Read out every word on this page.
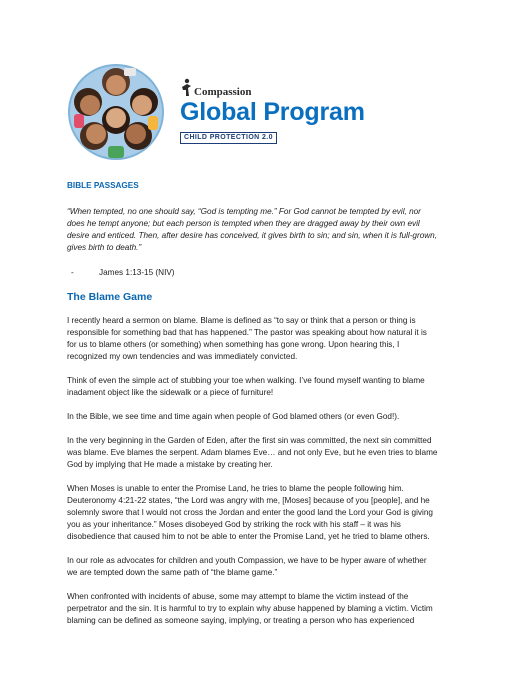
Compassion
Global Program
CHILD PROTECTION 2.0
BIBLE PASSAGES
“When tempted, no one should say, “God is tempting me.” For God cannot be tempted by evil, nor
does he tempt anyone; but each person is tempted when they are dragged away by their own evil
desire and enticed. Then, after desire has conceived, it gives birth to sin; and sin, when it is full-grown,
gives birth to death.”
-	James 1:13-15 (NIV)
The Blame Game
I recently heard a sermon on blame. Blame is defined as “to say or think that a person or thing is
responsible for something bad that has happened.” The pastor was speaking about how natural it is
for us to blame others (or something) when something has gone wrong. Upon hearing this, I
recognized my own tendencies and was immediately convicted.
Think of even the simple act of stubbing your toe when walking. I’ve found myself wanting to blame
inadament object like the sidewalk or a piece of furniture!
In the Bible, we see time and time again when people of God blamed others (or even God!).
In the very beginning in the Garden of Eden, after the first sin was committed, the next sin committed
was blame. Eve blames the serpent. Adam blames Eve… and not only Eve, but he even tries to blame
God by implying that He made a mistake by creating her.
When Moses is unable to enter the Promise Land, he tries to blame the people following him.
Deuteronomy 4:21-22 states, “the Lord was angry with me, [Moses] because of you [people], and he
solemnly swore that I would not cross the Jordan and enter the good land the Lord your God is giving
you as your inheritance.” Moses disobeyed God by striking the rock with his staff – it was his
disobedience that caused him to not be able to enter the Promise Land, yet he tried to blame others.
In our role as advocates for children and youth Compassion, we have to be hyper aware of whether
we are tempted down the same path of “the blame game.”
When confronted with incidents of abuse, some may attempt to blame the victim instead of the
perpetrator and the sin. It is harmful to try to explain why abuse happened by blaming a victim. Victim
blaming can be defined as someone saying, implying, or treating a person who has experienced
